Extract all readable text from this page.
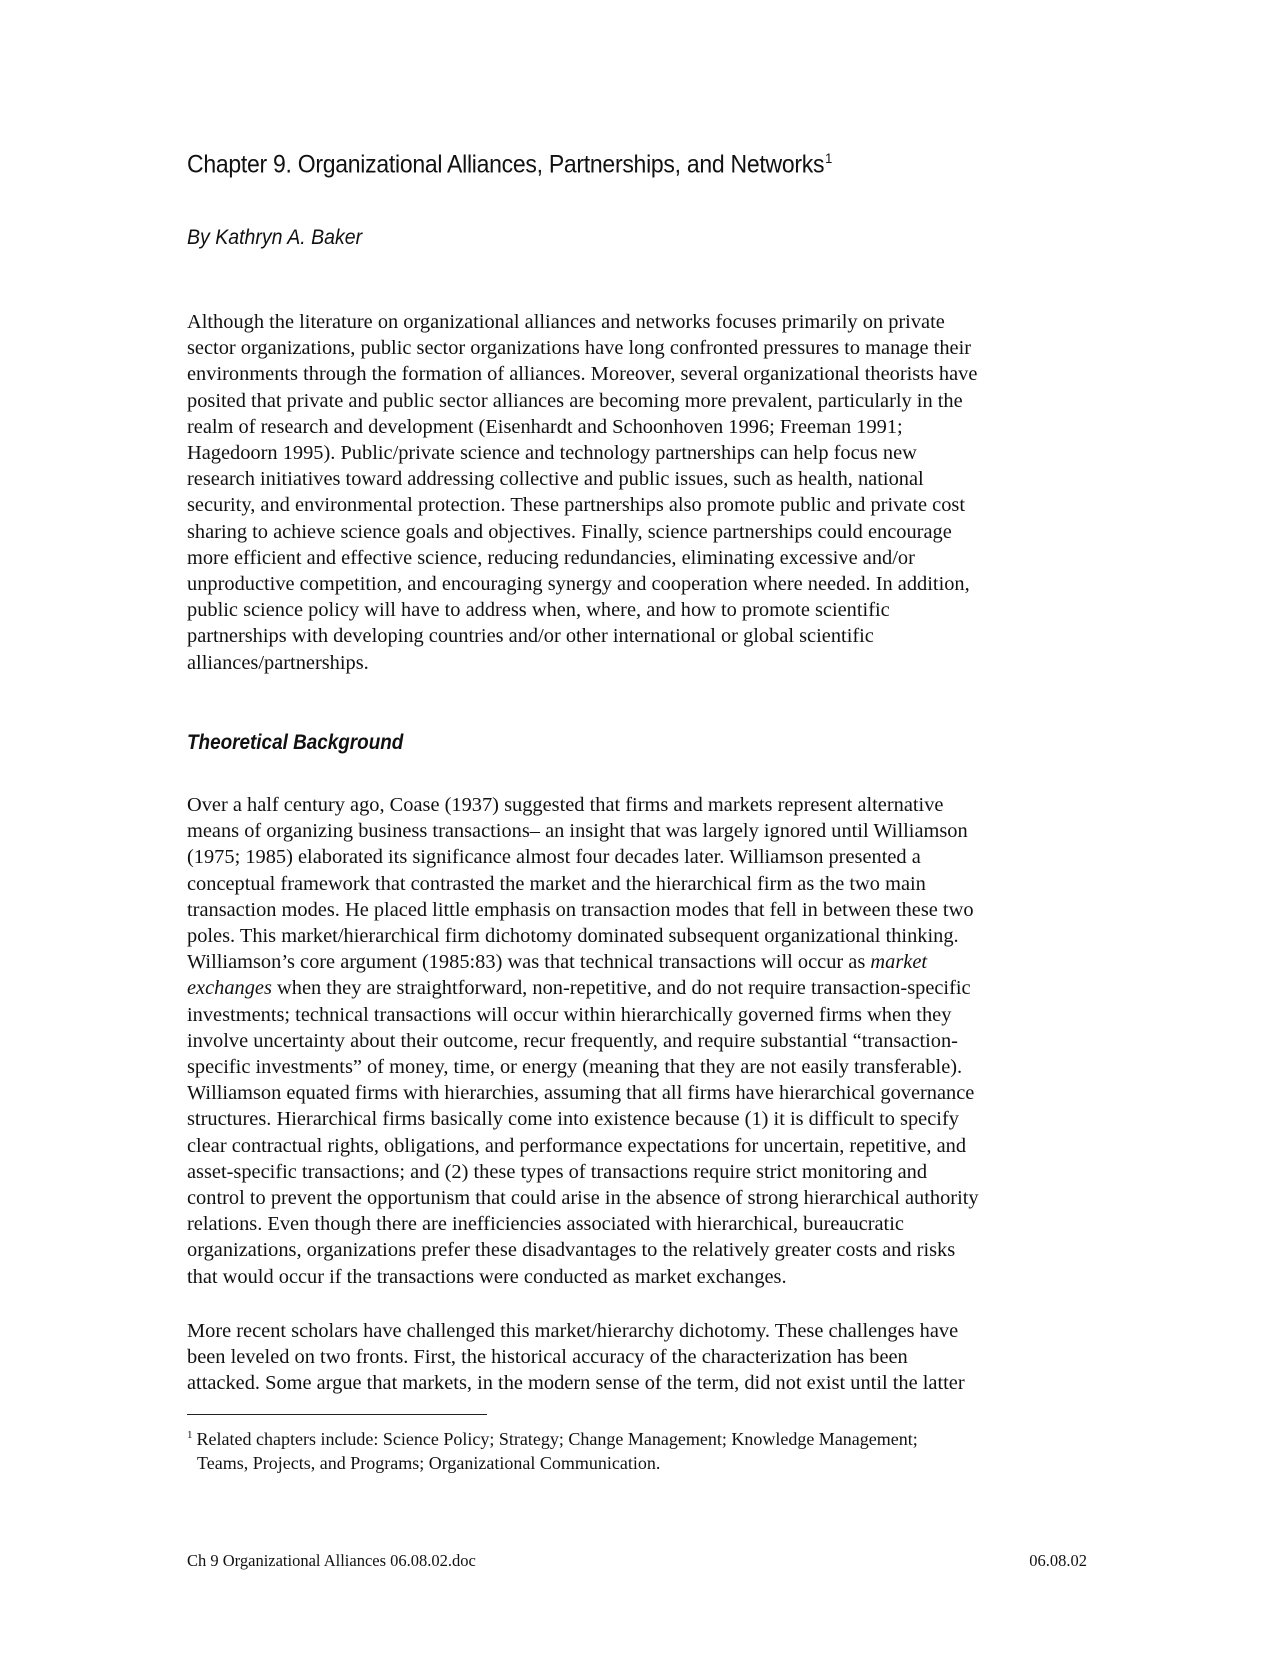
Chapter 9. Organizational Alliances, Partnerships, and Networks$^1$

By Kathryn A. Baker

Although the literature on organizational alliances and networks focuses primarily on private
sector organizations, public sector organizations have long confronted pressures to manage their
environments through the formation of alliances. Moreover, several organizational theorists have
posited that private and public sector alliances are becoming more prevalent, particularly in the
realm of research and development (Eisenhardt and Schoonhoven 1996; Freeman 1991;
Hagedoorn 1995). Public/private science and technology partnerships can help focus new
research initiatives toward addressing collective and public issues, such as health, national
security, and environmental protection. These partnerships also promote public and private cost
sharing to achieve science goals and objectives. Finally, science partnerships could encourage
more efficient and effective science, reducing redundancies, eliminating excessive and/or
unproductive competition, and encouraging synergy and cooperation where needed. In addition,
public science policy will have to address when, where, and how to promote scientific
partnerships with developing countries and/or other international or global scientific
alliances/partnerships.

Theoretical Background

Over a half century ago, Coase (1937) suggested that firms and markets represent alternative
means of organizing business transactions– an insight that was largely ignored until Williamson
(1975; 1985) elaborated its significance almost four decades later. Williamson presented a
conceptual framework that contrasted the market and the hierarchical firm as the two main
transaction modes. He placed little emphasis on transaction modes that fell in between these two
poles. This market/hierarchical firm dichotomy dominated subsequent organizational thinking.
Williamson’s core argument (1985:83) was that technical transactions will occur as market
exchanges when they are straightforward, non-repetitive, and do not require transaction-specific
investments; technical transactions will occur within hierarchically governed firms when they
involve uncertainty about their outcome, recur frequently, and require substantial “transaction-
specific investments” of money, time, or energy (meaning that they are not easily transferable).
Williamson equated firms with hierarchies, assuming that all firms have hierarchical governance
structures. Hierarchical firms basically come into existence because (1) it is difficult to specify
clear contractual rights, obligations, and performance expectations for uncertain, repetitive, and
asset-specific transactions; and (2) these types of transactions require strict monitoring and
control to prevent the opportunism that could arise in the absence of strong hierarchical authority
relations. Even though there are inefficiencies associated with hierarchical, bureaucratic
organizations, organizations prefer these disadvantages to the relatively greater costs and risks
that would occur if the transactions were conducted as market exchanges.

More recent scholars have challenged this market/hierarchy dichotomy. These challenges have
been leveled on two fronts. First, the historical accuracy of the characterization has been
attacked. Some argue that markets, in the modern sense of the term, did not exist until the latter

$^1$ Related chapters include: Science Policy; Strategy; Change Management; Knowledge Management;
Teams, Projects, and Programs; Organizational Communication.
Ch 9 Organizational Alliances 06.08.02.doc	06.08.02
